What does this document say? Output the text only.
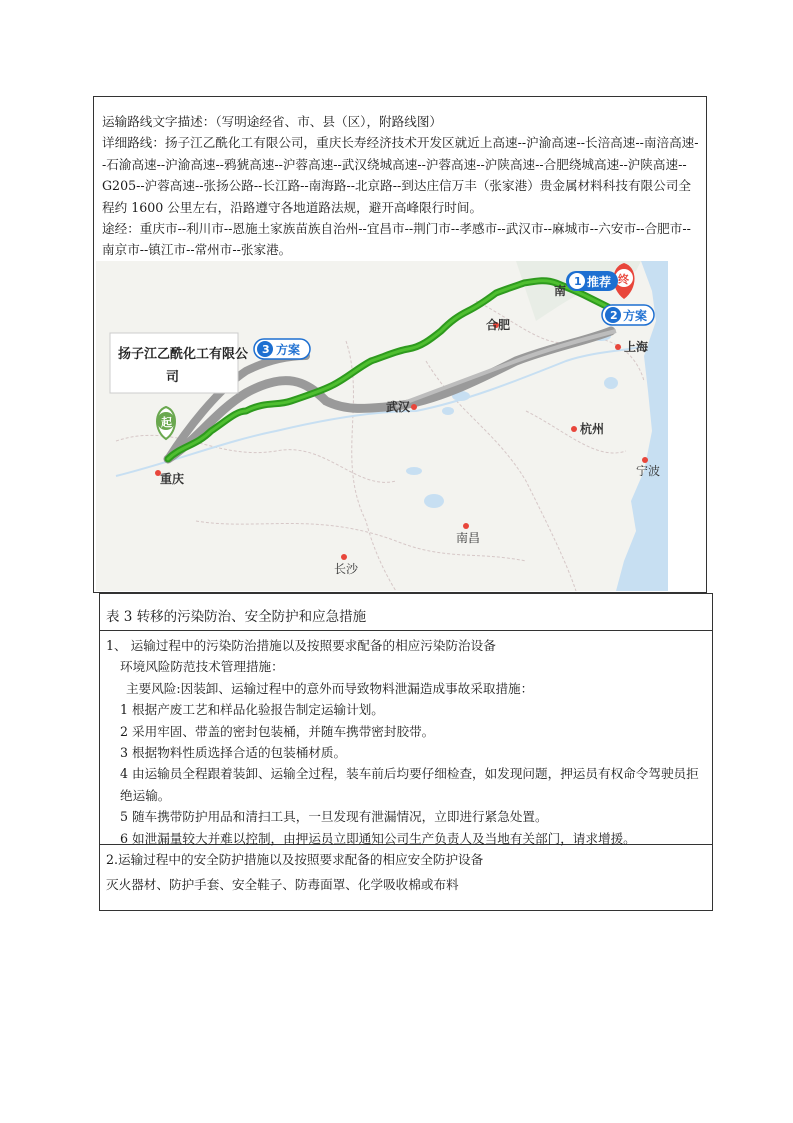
运输路线文字描述：（写明途经省、市、县（区），附路线图）

详细路线：扬子江乙酰化工有限公司，重庆长寿经济技术开发区就近上高速--沪渝高速--长涪高速--南涪高速--石渝高速--沪渝高速--鸦猇高速--沪蓉高速--武汉绕城高速--沪蓉高速--沪陕高速--合肥绕城高速--沪陕高速--G205--沪蓉高速--张扬公路--长江路--南海路--北京路--到达庄信万丰（张家港）贵金属材料科技有限公司全程约 1600 公里左右，沿路遵守各地道路法规，避开高峰限行时间。

途经：重庆市--利川市--恩施土家族苗族自治州--宜昌市--荆门市--孝感市--武汉市--麻城市--六安市--合肥市--南京市--镇江市--常州市--张家港。

重庆
武汉
合肥
南
上海
杭州
宁波
长沙
南昌
起
终
1 推荐
2 方案
3 方案
扬子江乙酰化工有限公 司
表 3 转移的污染防治、安全防护和应急措施

1、 运输过程中的污染防治措施以及按照要求配备的相应污染防治设备

环境风险防范技术管理措施：

主要风险:因装卸、运输过程中的意外而导致物料泄漏造成事故采取措施：

1 根据产废工艺和样品化验报告制定运输计划。

2 采用牢固、带盖的密封包装桶，并随车携带密封胶带。

3 根据物料性质选择合适的包装桶材质。

4 由运输员全程跟着装卸、运输全过程，装车前后均要仔细检查，如发现问题，押运员有权命令驾驶员拒绝运输。

5 随车携带防护用品和清扫工具，一旦发现有泄漏情况，立即进行紧急处置。

6 如泄漏量较大并难以控制，由押运员立即通知公司生产负责人及当地有关部门，请求增援。

2.运输过程中的安全防护措施以及按照要求配备的相应安全防护设备

灭火器材、防护手套、安全鞋子、防毒面罩、化学吸收棉或布料
